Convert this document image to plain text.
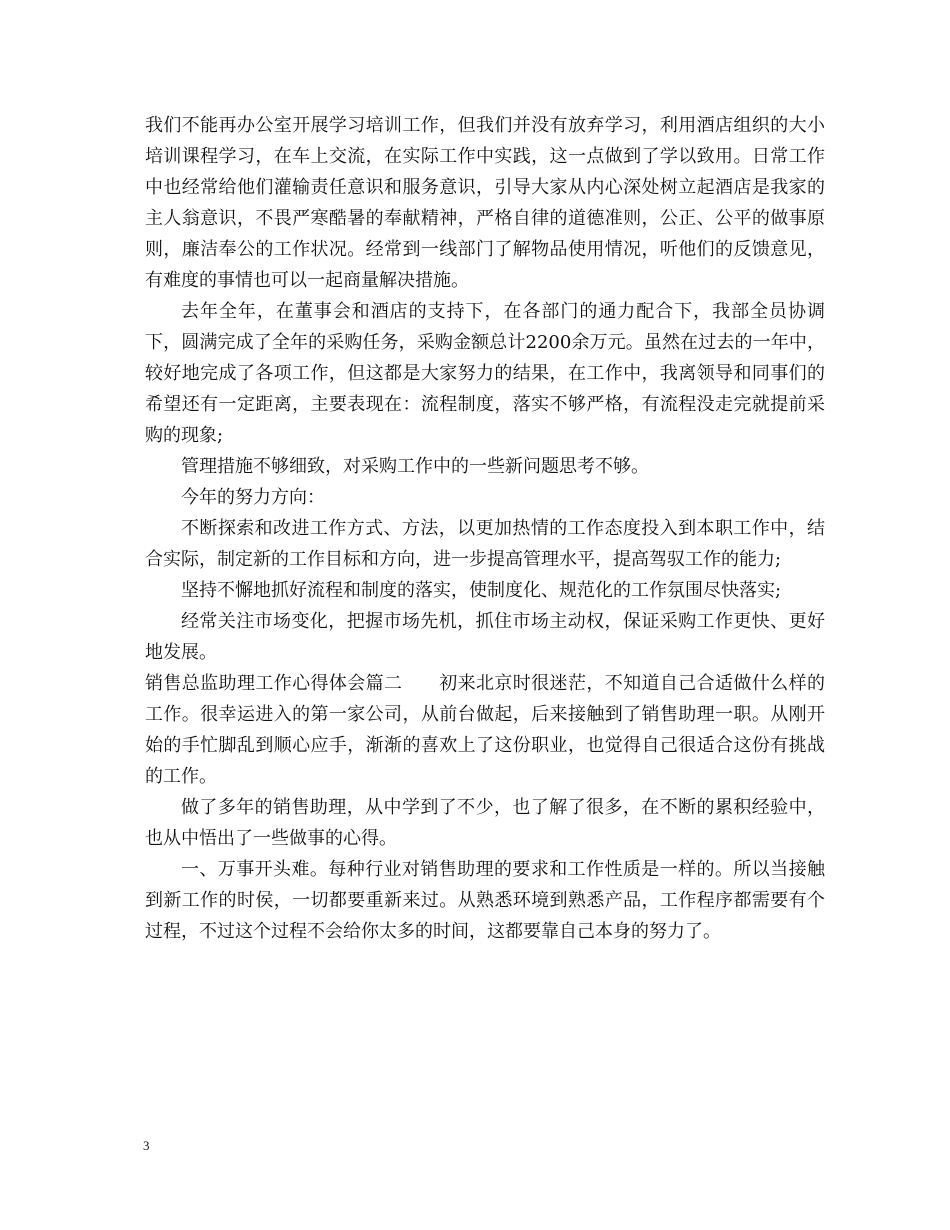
我们不能再办公室开展学习培训工作，但我们并没有放弃学习，利用酒店组织的大小培训课程学习，在车上交流，在实际工作中实践，这一点做到了学以致用。日常工作中也经常给他们灌输责任意识和服务意识，引导大家从内心深处树立起酒店是我家的主人翁意识，不畏严寒酷暑的奉献精神，严格自律的道德准则，公正、公平的做事原则，廉洁奉公的工作状况。经常到一线部门了解物品使用情况，听他们的反馈意见，有难度的事情也可以一起商量解决措施。

去年全年，在董事会和酒店的支持下，在各部门的通力配合下，我部全员协调下，圆满完成了全年的采购任务，采购金额总计2200余万元。虽然在过去的一年中，较好地完成了各项工作，但这都是大家努力的结果，在工作中，我离领导和同事们的希望还有一定距离，主要表现在：流程制度，落实不够严格，有流程没走完就提前采购的现象;

管理措施不够细致，对采购工作中的一些新问题思考不够。

今年的努力方向：

不断探索和改进工作方式、方法，以更加热情的工作态度投入到本职工作中，结合实际，制定新的工作目标和方向，进一步提高管理水平，提高驾驭工作的能力;

坚持不懈地抓好流程和制度的落实，使制度化、规范化的工作氛围尽快落实;

经常关注市场变化，把握市场先机，抓住市场主动权，保证采购工作更快、更好地发展。

销售总监助理工作心得体会篇二　　初来北京时很迷茫，不知道自己合适做什么样的工作。很幸运进入的第一家公司，从前台做起，后来接触到了销售助理一职。从刚开始的手忙脚乱到顺心应手，渐渐的喜欢上了这份职业，也觉得自己很适合这份有挑战的工作。

做了多年的销售助理，从中学到了不少，也了解了很多，在不断的累积经验中，也从中悟出了一些做事的心得。

一、万事开头难。每种行业对销售助理的要求和工作性质是一样的。所以当接触到新工作的时侯，一切都要重新来过。从熟悉环境到熟悉产品，工作程序都需要有个过程，不过这个过程不会给你太多的时间，这都要靠自己本身的努力了。

3
